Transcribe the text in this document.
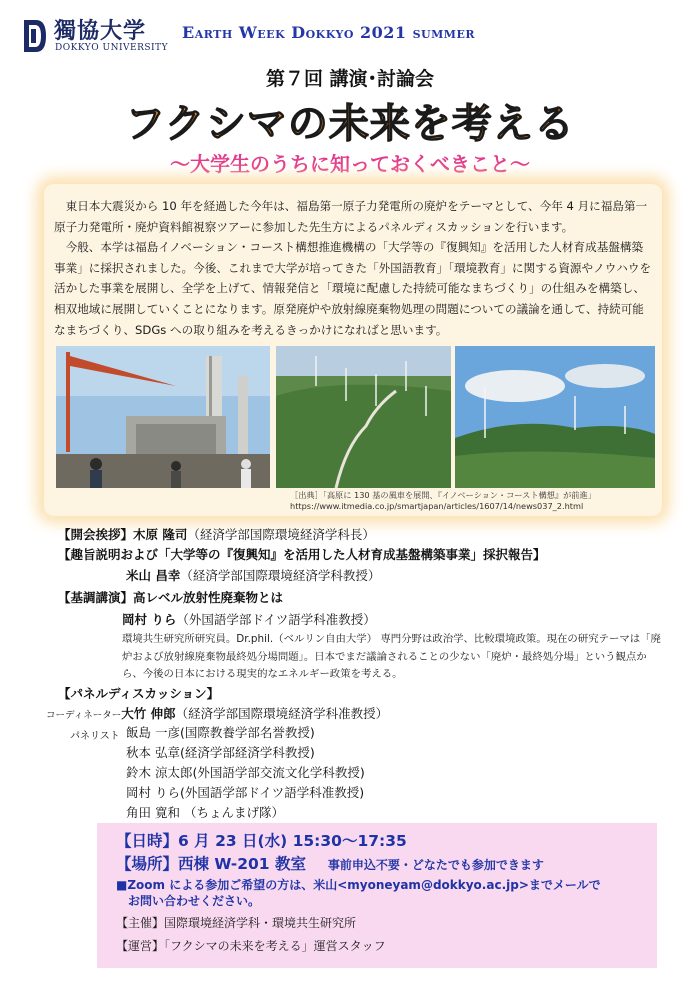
獨協大学
DOKKYO UNIVERSITY
Earth Week Dokkyo 2021 summer
第７回 講演･討論会
フクシマの未来を考える
～大学生のうちに知っておくべきこと～

東日本大震災から 10 年を経過した今年は、福島第一原子力発電所の廃炉をテーマとして、今年 4 月に福島第一原子力発電所・廃炉資料館視察ツアーに参加した先生方によるパネルディスカッションを行います。

今般、本学は福島イノベーション・コースト構想推進機構の「大学等の『復興知』を活用した人材育成基盤構築事業」に採択されました。今後、これまで大学が培ってきた「外国語教育」「環境教育」に関する資源やノウハウを活かした事業を展開し、全学を上げて、情報発信と「環境に配慮した持続可能なまちづくり」の仕組みを構築し、相双地域に展開していくことになります。原発廃炉や放射線廃棄物処理の問題についての議論を通して、持続可能なまちづくり、SDGs への取り組みを考えるきっかけになればと思います。

［出典］「高原に 130 基の風車を展開、『イノベーション・コースト構想』が前進」
https://www.itmedia.co.jp/smartjapan/articles/1607/14/news037_2.html
【開会挨拶】木原 隆司（経済学部国際環境経済学科長）
【趣旨説明および「大学等の『復興知』を活用した人材育成基盤構築事業」採択報告】
米山 昌幸（経済学部国際環境経済学科教授）
【基調講演】高レベル放射性廃棄物とは
岡村 りら（外国語学部ドイツ語学科准教授）
環境共生研究所研究員。Dr.phil.（ベルリン自由大学） 専門分野は政治学、比較環境政策。現在の研究テーマは「廃炉および放射線廃棄物最終処分場問題」。日本でまだ議論されることの少ない「廃炉・最終処分場」という観点から、今後の日本における現実的なエネルギー政策を考える。
【パネルディスカッション】
コーディネーター大竹 伸郎（経済学部国際環境経済学科准教授）
パネリスト 飯島 一彦(国際教養学部名誉教授)
秋本 弘章(経済学部経済学科教授)
鈴木 涼太郎(外国語学部交流文化学科教授)
岡村 りら(外国語学部ドイツ語学科准教授)
角田 寛和 （ちょんまげ隊）
【日時】6 月 23 日(水) 15:30～17:35
【場所】西棟 W-201 教室 事前申込不要・どなたでも参加できます
■Zoom による参加ご希望の方は、米山<myoneyam@dokkyo.ac.jp>までメールで
お問い合わせください。
【主催】国際環境経済学科・環境共生研究所
【運営】「フクシマの未来を考える」運営スタッフ
